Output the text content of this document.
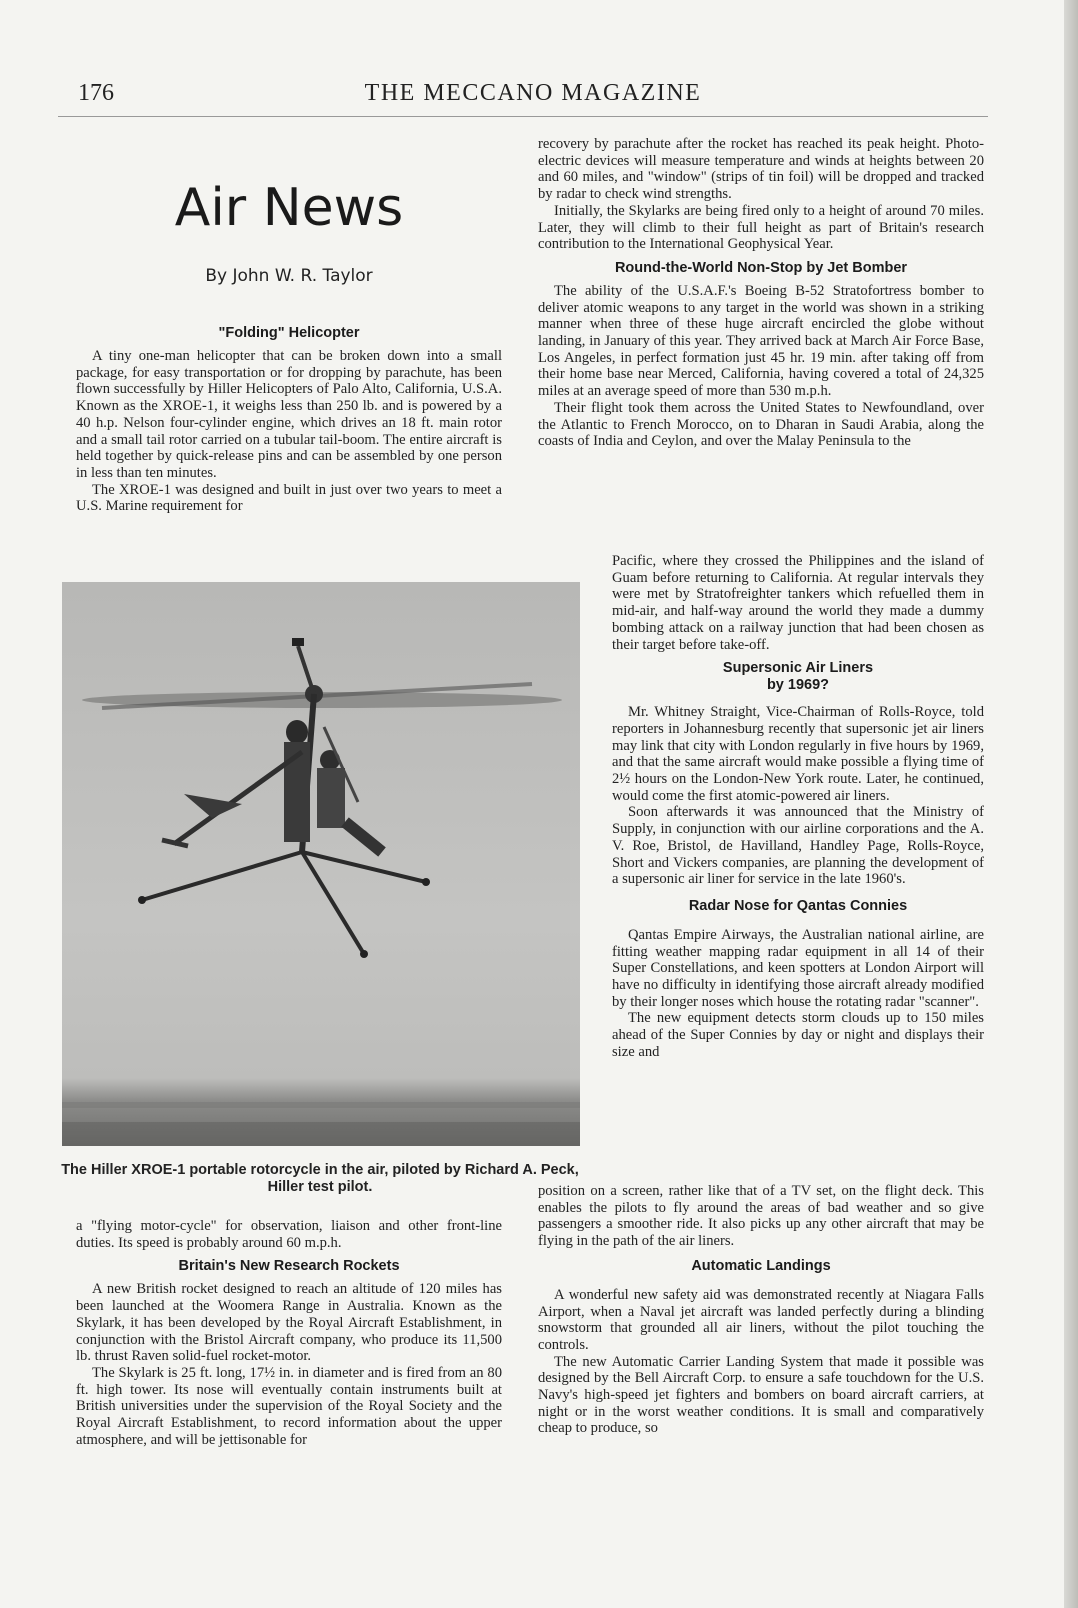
176	THE MECCANO MAGAZINE
Air News
By John W. R. Taylor
"Folding" Helicopter

A tiny one-man helicopter that can be broken down into a small package, for easy transportation or for dropping by parachute, has been flown successfully by Hiller Helicopters of Palo Alto, California, U.S.A. Known as the XROE-1, it weighs less than 250 lb. and is powered by a 40 h.p. Nelson four-cylinder engine, which drives an 18 ft. main rotor and a small tail rotor carried on a tubular tail-boom. The entire aircraft is held together by quick-release pins and can be assembled by one person in less than ten minutes.

The XROE-1 was designed and built in just over two years to meet a U.S. Marine requirement for

The Hiller XROE-1 portable rotorcycle in the air, piloted by Richard A. Peck, Hiller test pilot.

a "flying motor-cycle" for observation, liaison and other front-line duties. Its speed is probably around 60 m.p.h.

Britain's New Research Rockets

A new British rocket designed to reach an altitude of 120 miles has been launched at the Woomera Range in Australia. Known as the Skylark, it has been developed by the Royal Aircraft Establishment, in conjunction with the Bristol Aircraft company, who produce its 11,500 lb. thrust Raven solid-fuel rocket-motor.

The Skylark is 25 ft. long, 17½ in. in diameter and is fired from an 80 ft. high tower. Its nose will eventually contain instruments built at British universities under the supervision of the Royal Society and the Royal Aircraft Establishment, to record information about the upper atmosphere, and will be jettisonable for

recovery by parachute after the rocket has reached its peak height. Photo-electric devices will measure temperature and winds at heights between 20 and 60 miles, and "window" (strips of tin foil) will be dropped and tracked by radar to check wind strengths.

Initially, the Skylarks are being fired only to a height of around 70 miles. Later, they will climb to their full height as part of Britain's research contribution to the International Geophysical Year.

Round-the-World Non-Stop by Jet Bomber

The ability of the U.S.A.F.'s Boeing B-52 Stratofortress bomber to deliver atomic weapons to any target in the world was shown in a striking manner when three of these huge aircraft encircled the globe without landing, in January of this year. They arrived back at March Air Force Base, Los Angeles, in perfect formation just 45 hr. 19 min. after taking off from their home base near Merced, California, having covered a total of 24,325 miles at an average speed of more than 530 m.p.h.

Their flight took them across the United States to Newfoundland, over the Atlantic to French Morocco, on to Dharan in Saudi Arabia, along the coasts of India and Ceylon, and over the Malay Peninsula to the

Pacific, where they crossed the Philippines and the island of Guam before returning to California. At regular intervals they were met by Stratofreighter tankers which refuelled them in mid-air, and half-way around the world they made a dummy bombing attack on a railway junction that had been chosen as their target before take-off.

Supersonic Air Liners
by 1969?

Mr. Whitney Straight, Vice-Chairman of Rolls-Royce, told reporters in Johannesburg recently that supersonic jet air liners may link that city with London regularly in five hours by 1969, and that the same aircraft would make possible a flying time of 2½ hours on the London-New York route. Later, he continued, would come the first atomic-powered air liners.

Soon afterwards it was announced that the Ministry of Supply, in conjunction with our airline corporations and the A. V. Roe, Bristol, de Havilland, Handley Page, Rolls-Royce, Short and Vickers companies, are planning the development of a supersonic air liner for service in the late 1960's.

Radar Nose for Qantas Connies

Qantas Empire Airways, the Australian national airline, are fitting weather mapping radar equipment in all 14 of their Super Constellations, and keen spotters at London Airport will have no difficulty in identifying those aircraft already modified by their longer noses which house the rotating radar "scanner".

The new equipment detects storm clouds up to 150 miles ahead of the Super Connies by day or night and displays their size and

position on a screen, rather like that of a TV set, on the flight deck. This enables the pilots to fly around the areas of bad weather and so give passengers a smoother ride. It also picks up any other aircraft that may be flying in the path of the air liners.

Automatic Landings

A wonderful new safety aid was demonstrated recently at Niagara Falls Airport, when a Naval jet aircraft was landed perfectly during a blinding snowstorm that grounded all air liners, without the pilot touching the controls.

The new Automatic Carrier Landing System that made it possible was designed by the Bell Aircraft Corp. to ensure a safe touchdown for the U.S. Navy's high-speed jet fighters and bombers on board aircraft carriers, at night or in the worst weather conditions. It is small and comparatively cheap to produce, so
